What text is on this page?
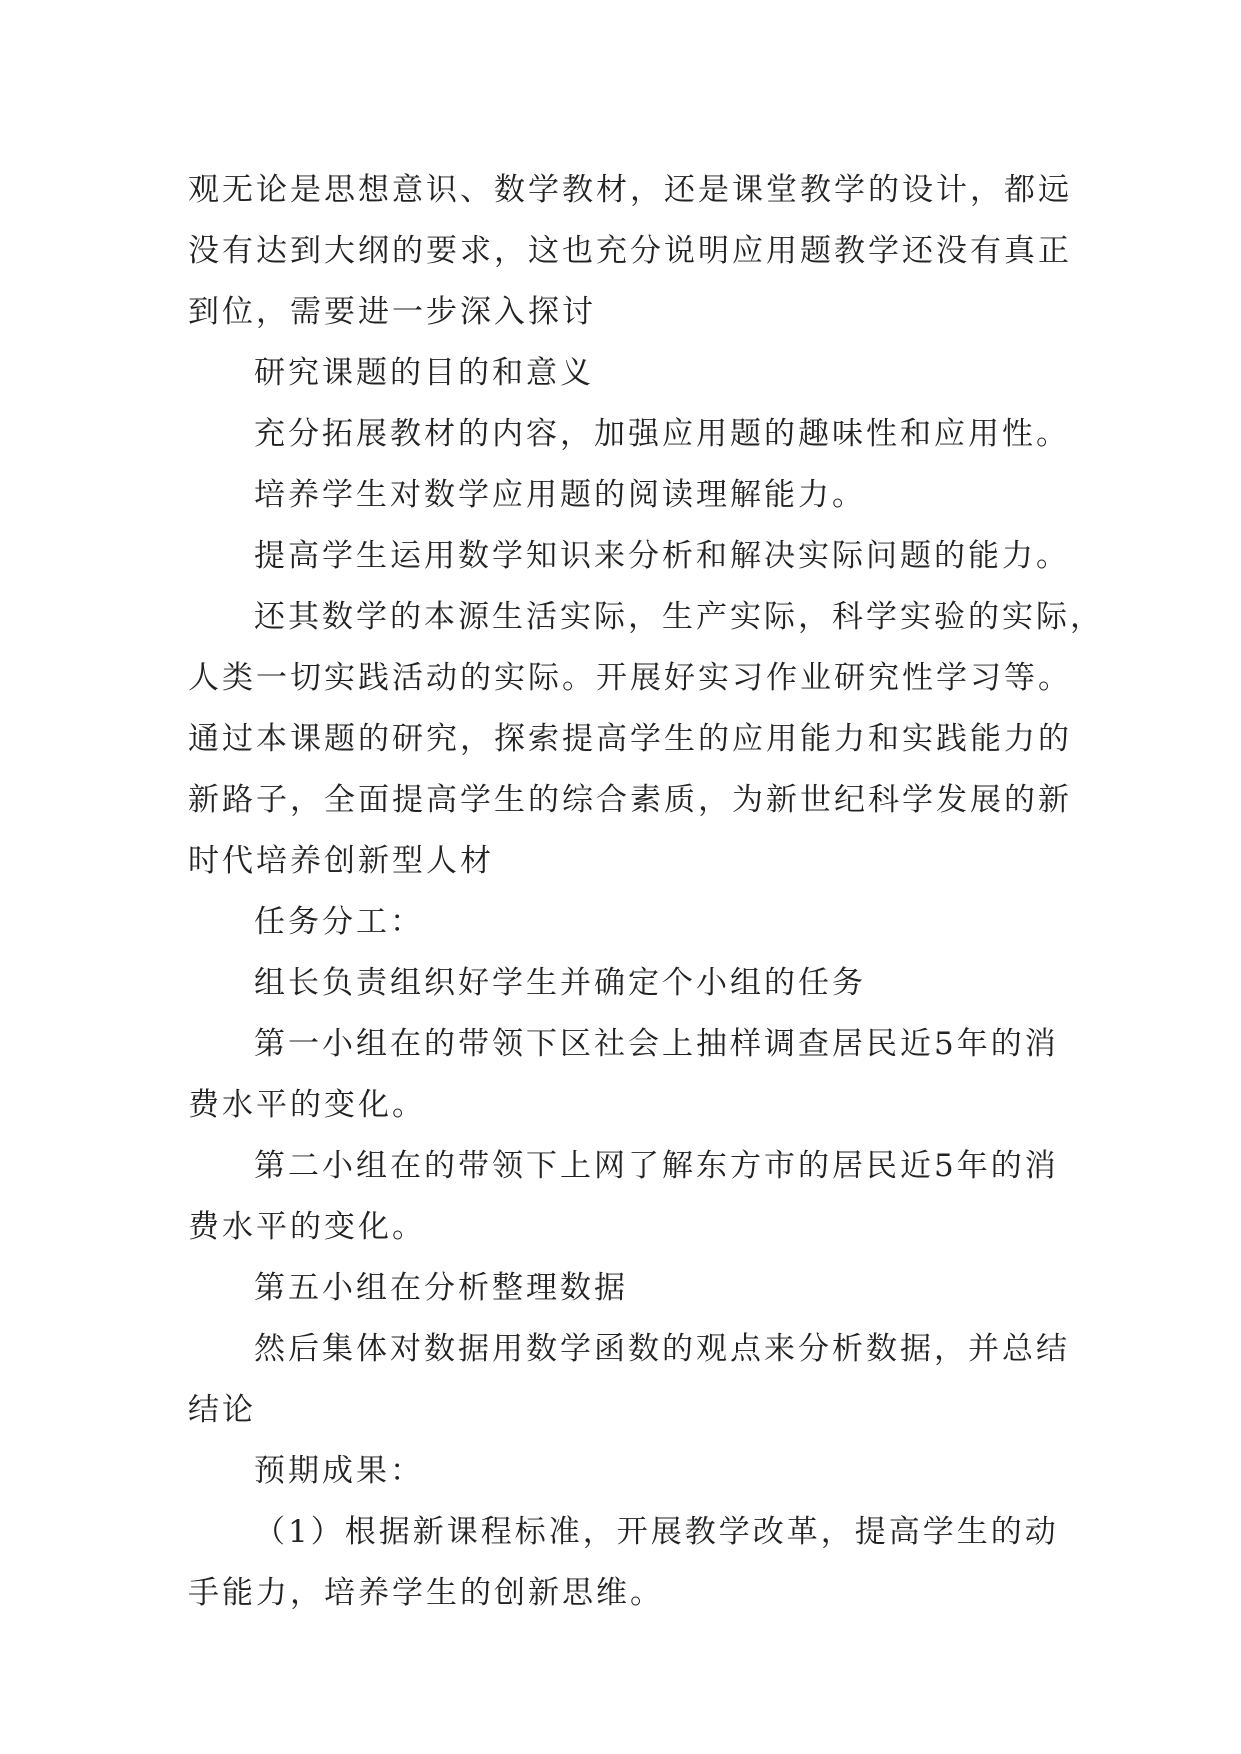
观无论是思想意识、数学教材，还是课堂教学的设计，都远
没有达到大纲的要求，这也充分说明应用题教学还没有真正
到位，需要进一步深入探讨
研究课题的目的和意义
充分拓展教材的内容，加强应用题的趣味性和应用性。
培养学生对数学应用题的阅读理解能力。
提高学生运用数学知识来分析和解决实际问题的能力。
还其数学的本源生活实际，生产实际，科学实验的实际，
人类一切实践活动的实际。开展好实习作业研究性学习等。
通过本课题的研究，探索提高学生的应用能力和实践能力的
新路子，全面提高学生的综合素质，为新世纪科学发展的新
时代培养创新型人材
任务分工：
组长负责组织好学生并确定个小组的任务
第一小组在的带领下区社会上抽样调查居民近5年的消
费水平的变化。
第二小组在的带领下上网了解东方市的居民近5年的消
费水平的变化。
第五小组在分析整理数据
然后集体对数据用数学函数的观点来分析数据，并总结
结论
预期成果：
（1）根据新课程标准，开展教学改革，提高学生的动
手能力，培养学生的创新思维。
